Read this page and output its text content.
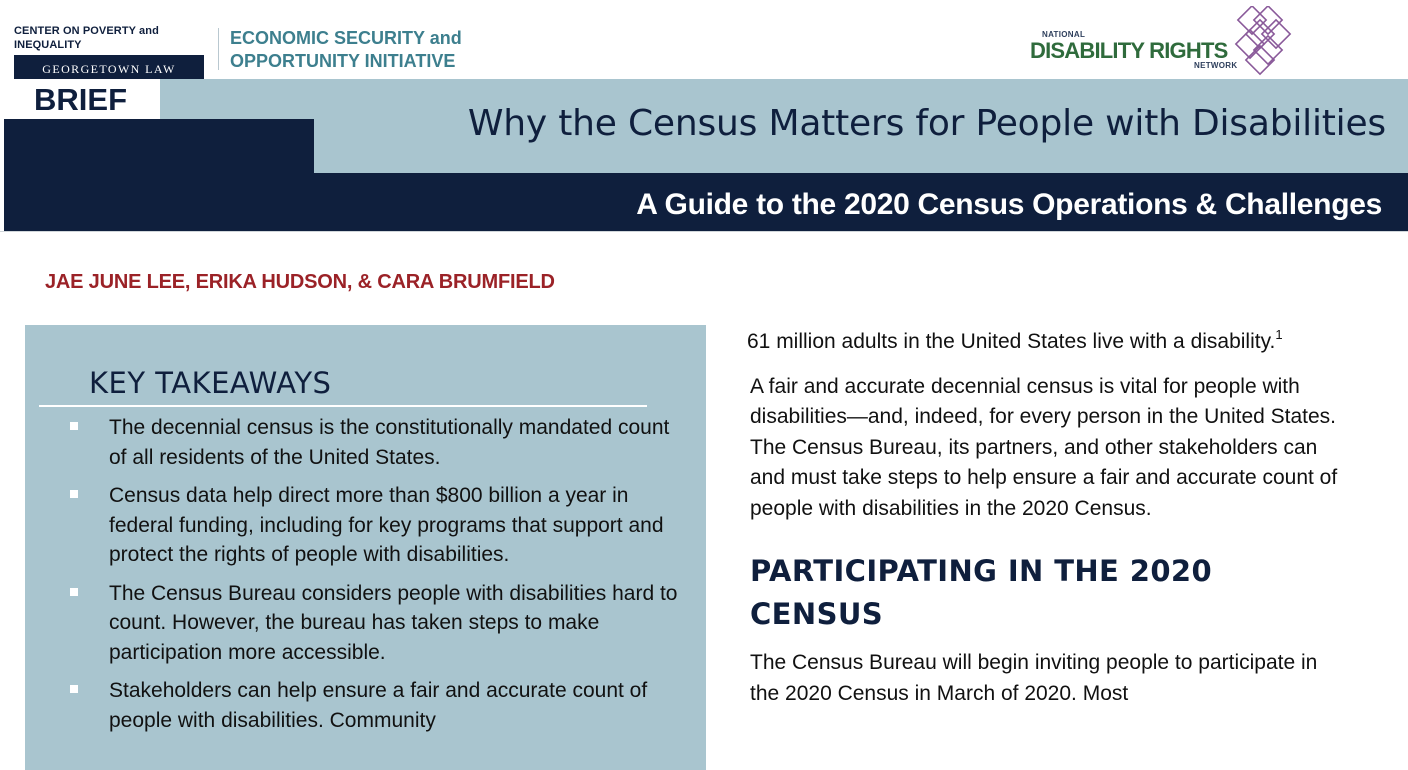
CENTER ON POVERTY and INEQUALITY
GEORGETOWN LAW
ECONOMIC SECURITY and
OPPORTUNITY INITIATIVE
NATIONAL
DISABILITY RIGHTS
NETWORK
BRIEF
Why the Census Matters for People with Disabilities
A Guide to the 2020 Census Operations & Challenges
JAE JUNE LEE, ERIKA HUDSON, & CARA BRUMFIELD
KEY TAKEAWAYS
The decennial census is the constitutionally mandated count of all residents of the United States.
Census data help direct more than $800 billion a year in federal funding, including for key programs that support and protect the rights of people with disabilities.
The Census Bureau considers people with disabilities hard to count. However, the bureau has taken steps to make participation more accessible.
Stakeholders can help ensure a fair and accurate count of people with disabilities. Community

61 million adults in the United States live with a disability.$^1$

A fair and accurate decennial census is vital for people with disabilities—and, indeed, for every person in the United States. The Census Bureau, its partners, and other stakeholders can and must take steps to help ensure a fair and accurate count of people with disabilities in the 2020 Census.

PARTICIPATING IN THE 2020 CENSUS

The Census Bureau will begin inviting people to participate in the 2020 Census in March of 2020. Most
